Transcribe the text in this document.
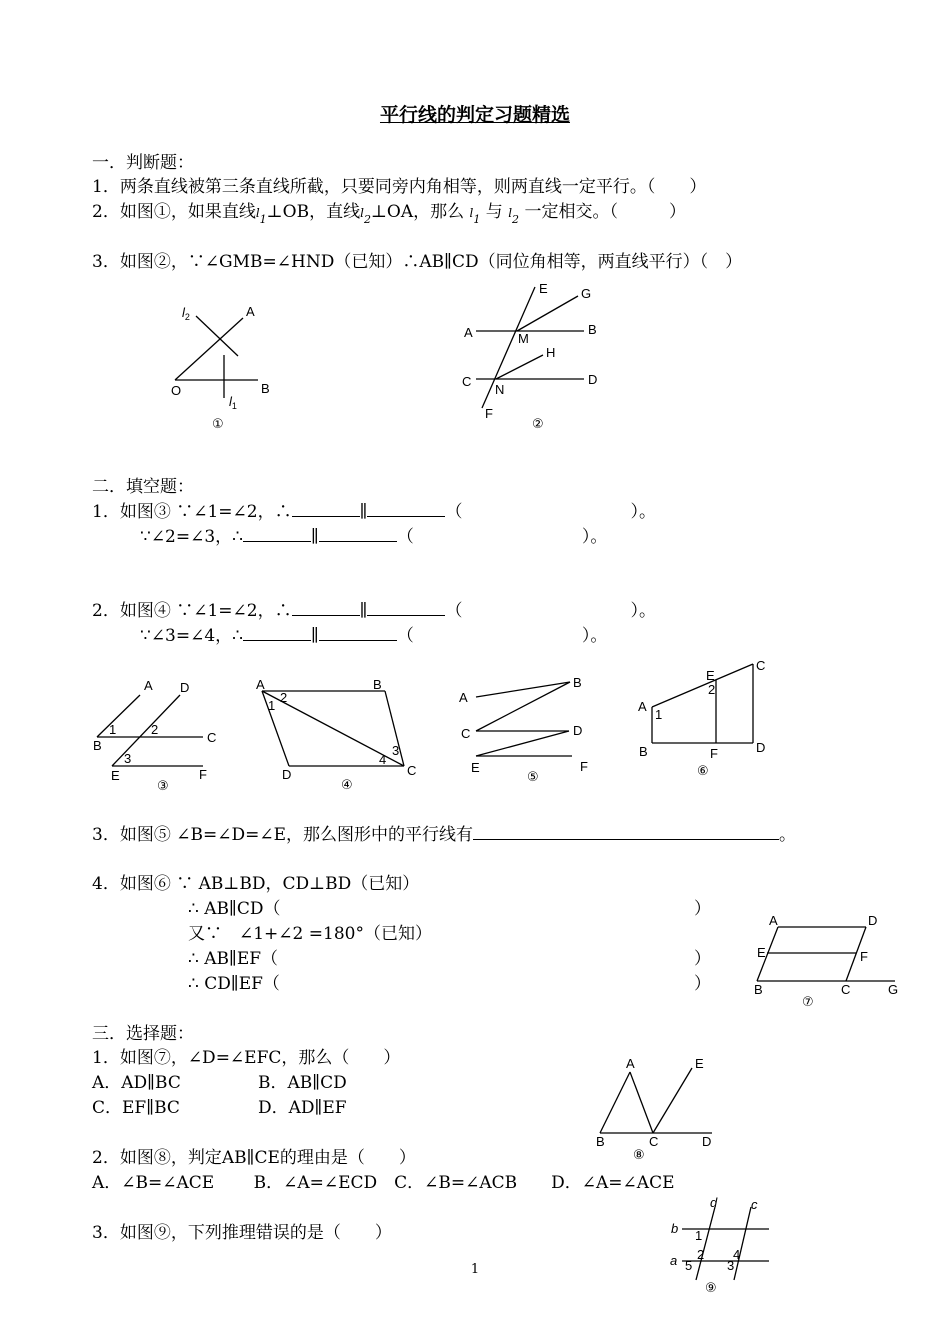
平行线的判定习题精选
一．判断题：
1．两条直线被第三条直线所截，只要同旁内角相等，则两直线一定平行。（　　）
2．如图①，如果直线$l_1\perp OB$，直线$l_2\perp OA$，那么 $l_1$ 与 $l_2$ 一定相交。（　　　）
3．如图②，∵∠GMB=∠HND（已知）∴AB∥CD（同位角相等，两直线平行）（　）
二．填空题：
1．如图③ ∵∠1=∠2，∴	∥	（	）。
∵∠2=∠3，∴	∥	（	）。
2．如图④ ∵∠1=∠2，∴	∥	（	）。
∵∠3=∠4，∴	∥	（	）。
3．如图⑤ ∠B=∠D=∠E，那么图形中的平行线有	。
4．如图⑥ ∵ AB⊥BD，CD⊥BD（已知）
∴ AB∥CD（	）
又∵　∠1+∠2 =180°（已知）
∴ AB∥EF（	）
∴ CD∥EF（	）
三．选择题：
1．如图⑦，∠D=∠EFC，那么（　　）
A．AD∥BC	B．AB∥CD
C．EF∥BC	D．AD∥EF
2．如图⑧，判定AB∥CE的理由是（　　）
A．∠B=∠ACE　　 B．∠A=∠ECD　C．∠B=∠ACB　　D．∠A=∠ACE
3．如图⑨，下列推理错误的是（　　）
1
$l_2$	A
O	B
$l_1$
①
E	G
A	M
B
H
C
N
D
F
②
A D
B
C
E	F
1	2
3
③
A	B
D	C
1
2
3
4
④
A
B
C	D
E	F
⑤
A
E
C
B	F	D
1
2
⑥
A	D
E	F
B	C	G
⑦
A	E
B	C	D
⑧
d	c
b
a
1
2
3
4
5
⑨
